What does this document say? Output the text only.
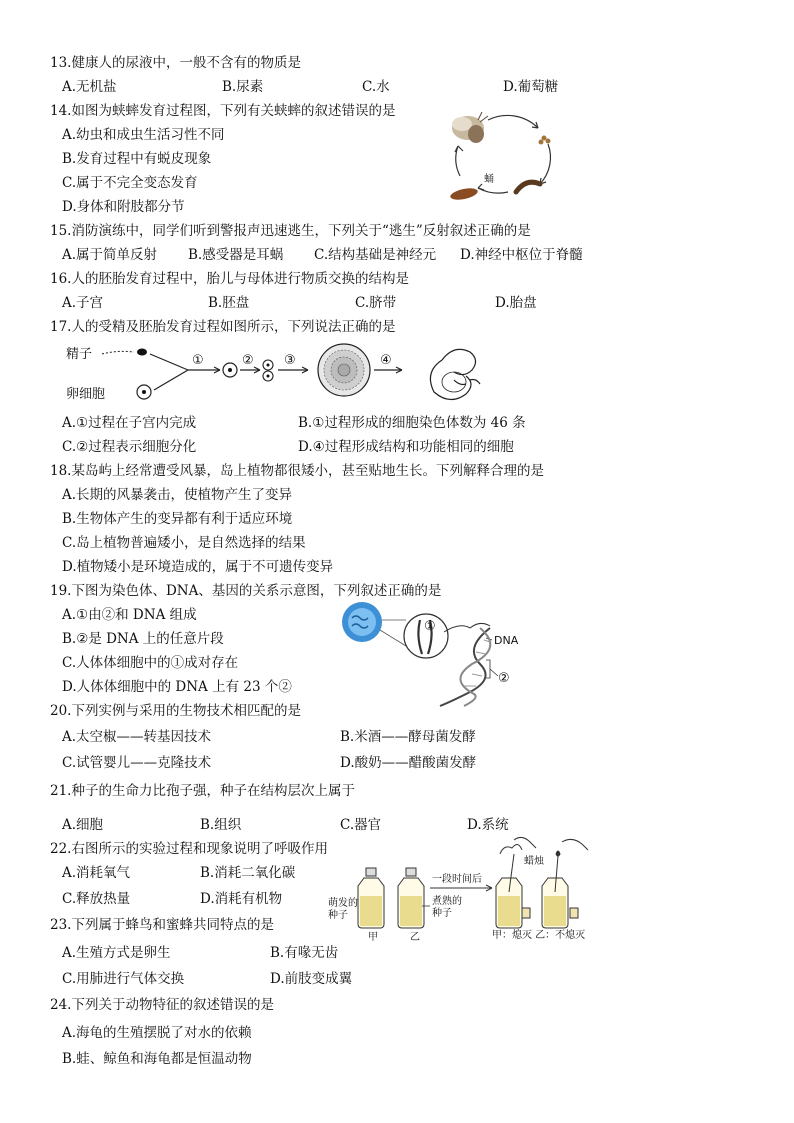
13.健康人的尿液中，一般不含有的物质是
A.无机盐	B.尿素	C.水	D.葡萄糖
14.如图为蛱蟀发育过程图，下列有关蛱蟀的叙述错误的是
A.幼虫和成虫生活习性不同
B.发育过程中有蜕皮现象
C.属于不完全变态发育
D.身体和附肢都分节
蛹
15.消防演练中，同学们听到警报声迅速逃生，下列关于“逃生”反射叙述正确的是
A.属于简单反射 B.感受器是耳蜗 C.结构基础是神经元 D.神经中枢位于脊髓
16.人的胚胎发育过程中，胎儿与母体进行物质交换的结构是
A.子宫	B.胚盘	C.脐带	D.胎盘
17.人的受精及胚胎发育过程如图所示，下列说法正确的是
精子
卵细胞
①	② ③	④
A.①过程在子宫内完成	B.①过程形成的细胞染色体数为 46 条
C.②过程表示细胞分化	D.④过程形成结构和功能相同的细胞
18.某岛屿上经常遭受风暴，岛上植物都很矮小，甚至贴地生长。下列解释合理的是
A.长期的风暴袭击，使植物产生了变异
B.生物体产生的变异都有利于适应环境
C.岛上植物普遍矮小，是自然选择的结果
D.植物矮小是环境造成的，属于不可遗传变异
19.下图为染色体、DNA、基因的关系示意图，下列叙述正确的是
A.①由②和 DNA 组成
B.②是 DNA 上的任意片段
C.人体体细胞中的①成对存在
D.人体体细胞中的 DNA 上有 23 个②
①
DNA
②
20.下列实例与采用的生物技术相匹配的是
A.太空椒——转基因技术	B.米酒——酵母菌发酵
C.试管婴儿——克隆技术	D.酸奶——醋酸菌发酵
21.种子的生命力比孢子强，种子在结构层次上属于
A.细胞	B.组织	C.器官	D.系统
22.右图所示的实验过程和现象说明了呼吸作用
A.消耗氧气	B.消耗二氧化碳
C.释放热量	D.消耗有机物	萌发的
种子
甲	乙
煮熟的
种子
一段时间后
蜡烛
甲：熄灭 乙：不熄灭
23.下列属于蜂鸟和蜜蜂共同特点的是
A.生殖方式是卵生	B.有喙无齿
C.用肺进行气体交换	D.前肢变成翼
24.下列关于动物特征的叙述错误的是
A.海龟的生殖摆脱了对水的依赖
B.蛙、鲸鱼和海龟都是恒温动物
